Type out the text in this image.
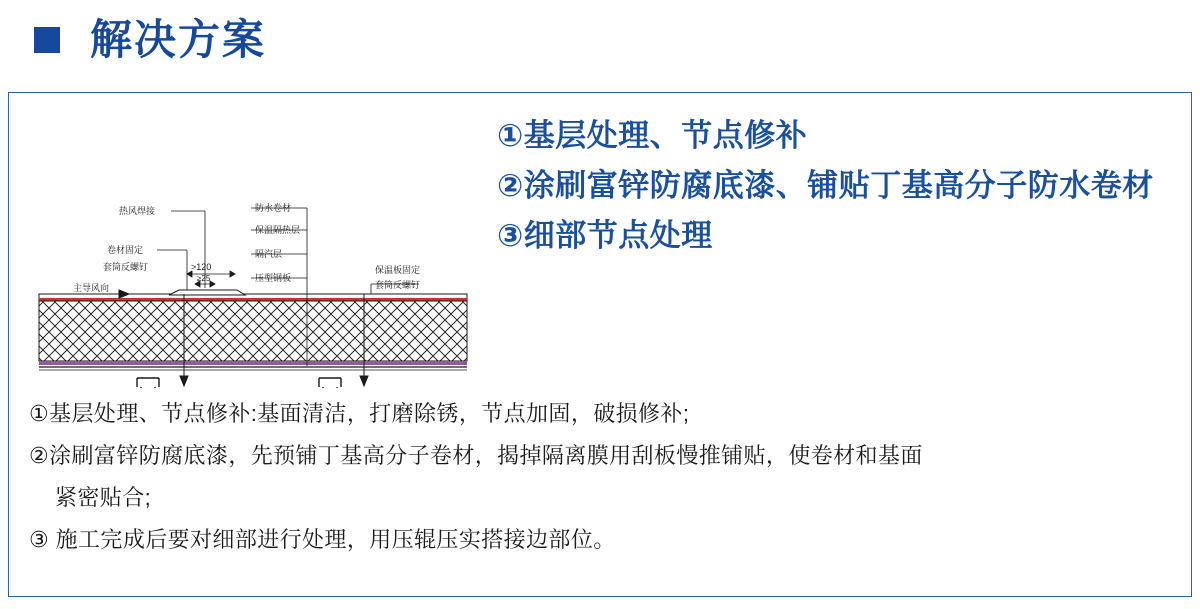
解决方案
防水卷材
保温隔热层
隔汽层
压型钢板
热风焊接
卷材固定
套筒反螺钉	保温板固定
套筒反螺钉
主导风向
>120
≥25
①基层处理、节点修补
②涂刷富锌防腐底漆、铺贴丁基高分子防水卷材
③细部节点处理
①基层处理、节点修补:基面清洁，打磨除锈，节点加固，破损修补;
②涂刷富锌防腐底漆，先预铺丁基高分子卷材，揭掉隔离膜用刮板慢推铺贴，使卷材和基面
紧密贴合;
③ 施工完成后要对细部进行处理，用压辊压实搭接边部位。
